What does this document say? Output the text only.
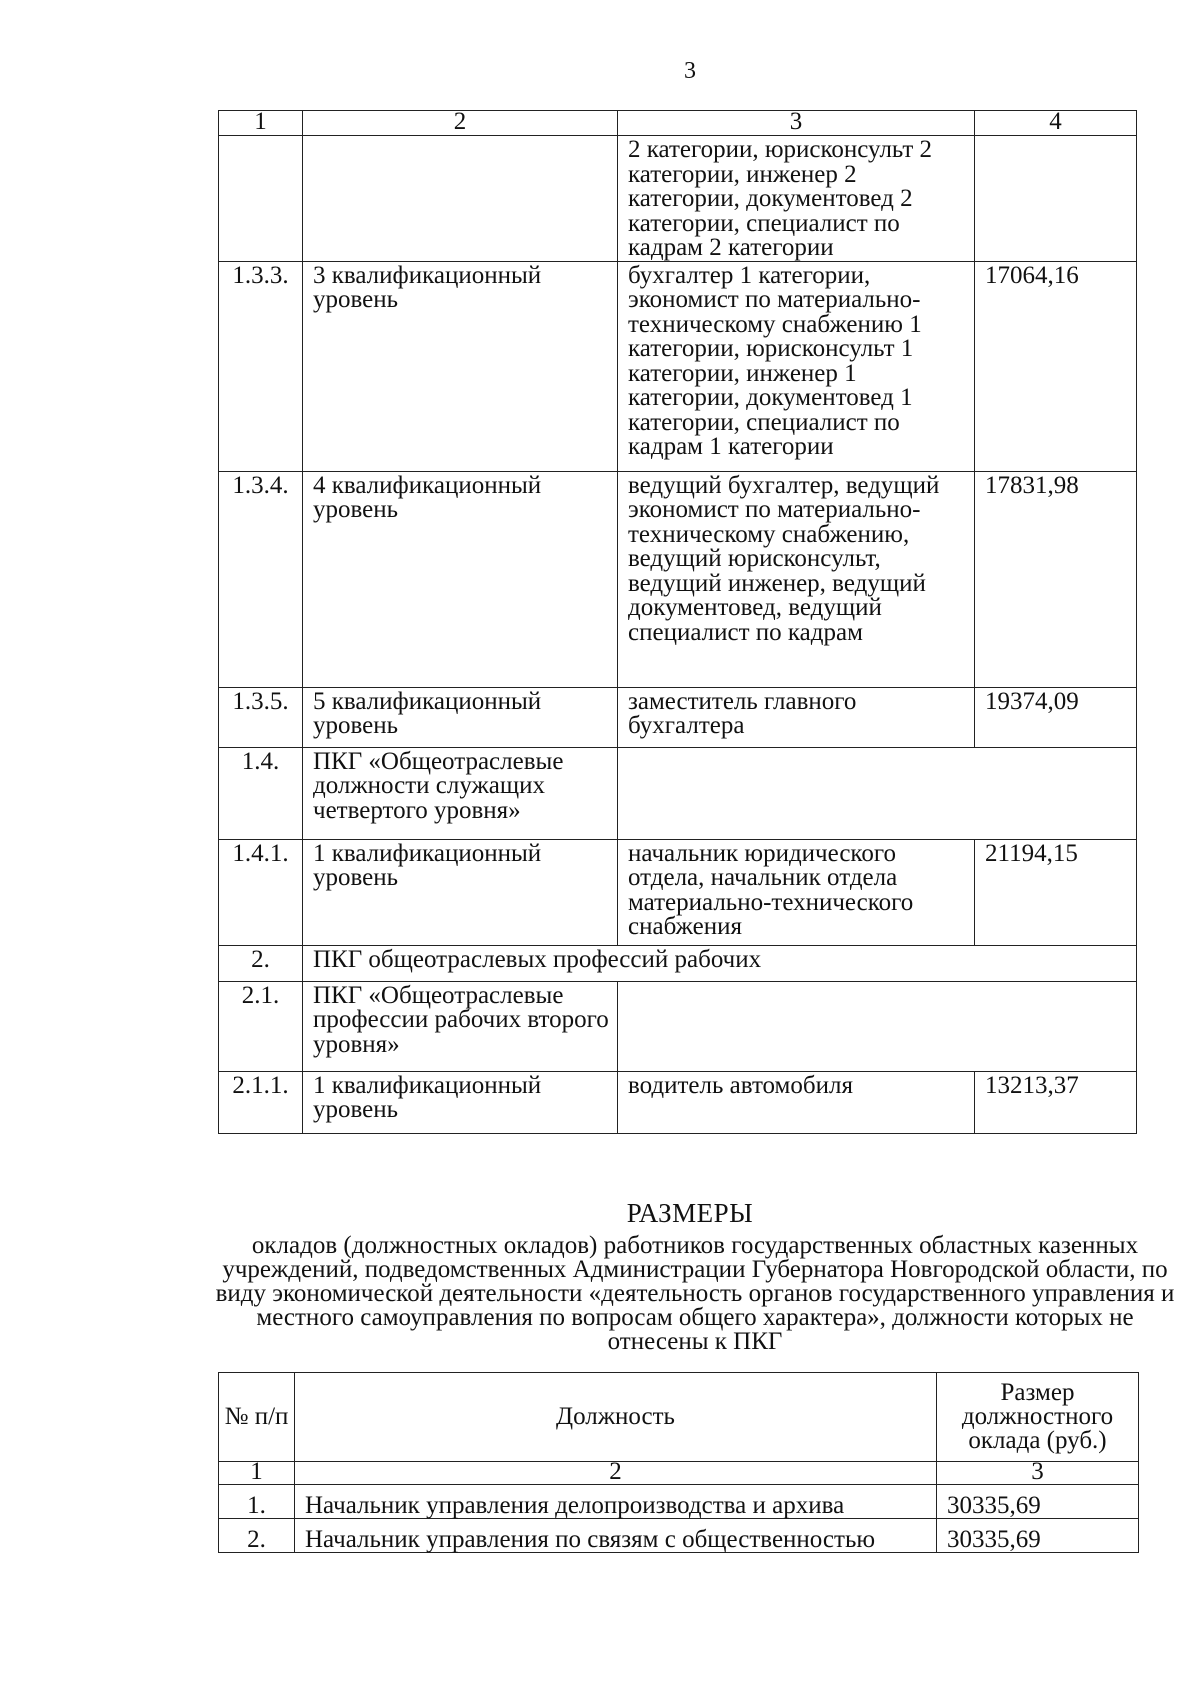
3
1	2	3	4
		2 категории, юрисконсульт 2 категории, инженер 2 категории, документовед 2 категории, специалист по кадрам 2 категории	
1.3.3.	3 квалификационный уровень	бухгалтер 1 категории, экономист по материально-техническому снабжению 1 категории, юрисконсульт 1 категории, инженер 1 категории, документовед 1 категории, специалист по кадрам 1 категории	17064,16
1.3.4.	4 квалификационный уровень	ведущий бухгалтер, ведущий экономист по материально-техническому снабжению, ведущий юрисконсульт, ведущий инженер, ведущий документовед, ведущий специалист по кадрам	17831,98
1.3.5.	5 квалификационный уровень	заместитель главного бухгалтера	19374,09
1.4.	ПКГ «Общеотраслевые должности служащих четвертого уровня»		
1.4.1.	1 квалификационный уровень	начальник юридического отдела, начальник отдела материально-технического снабжения	21194,15
2.	ПКГ общеотраслевых профессий рабочих		
2.1.	ПКГ «Общеотраслевые профессии рабочих второго уровня»		
2.1.1.	1 квалификационный уровень	водитель автомобиля	13213,37
РАЗМЕРЫ
окладов (должностных окладов) работников государственных областных казенных учреждений, подведомственных Администрации Губернатора Новгородской области, по виду экономической деятельности «деятельность органов государственного управления и местного самоуправления по вопросам общего характера», должности которых не отнесены к ПКГ
№ п/п	Должность	Размер должностного оклада (руб.)
1	2	3
1.	Начальник управления делопроизводства и архива	30335,69
2.	Начальник управления по связям с общественностью	30335,69
